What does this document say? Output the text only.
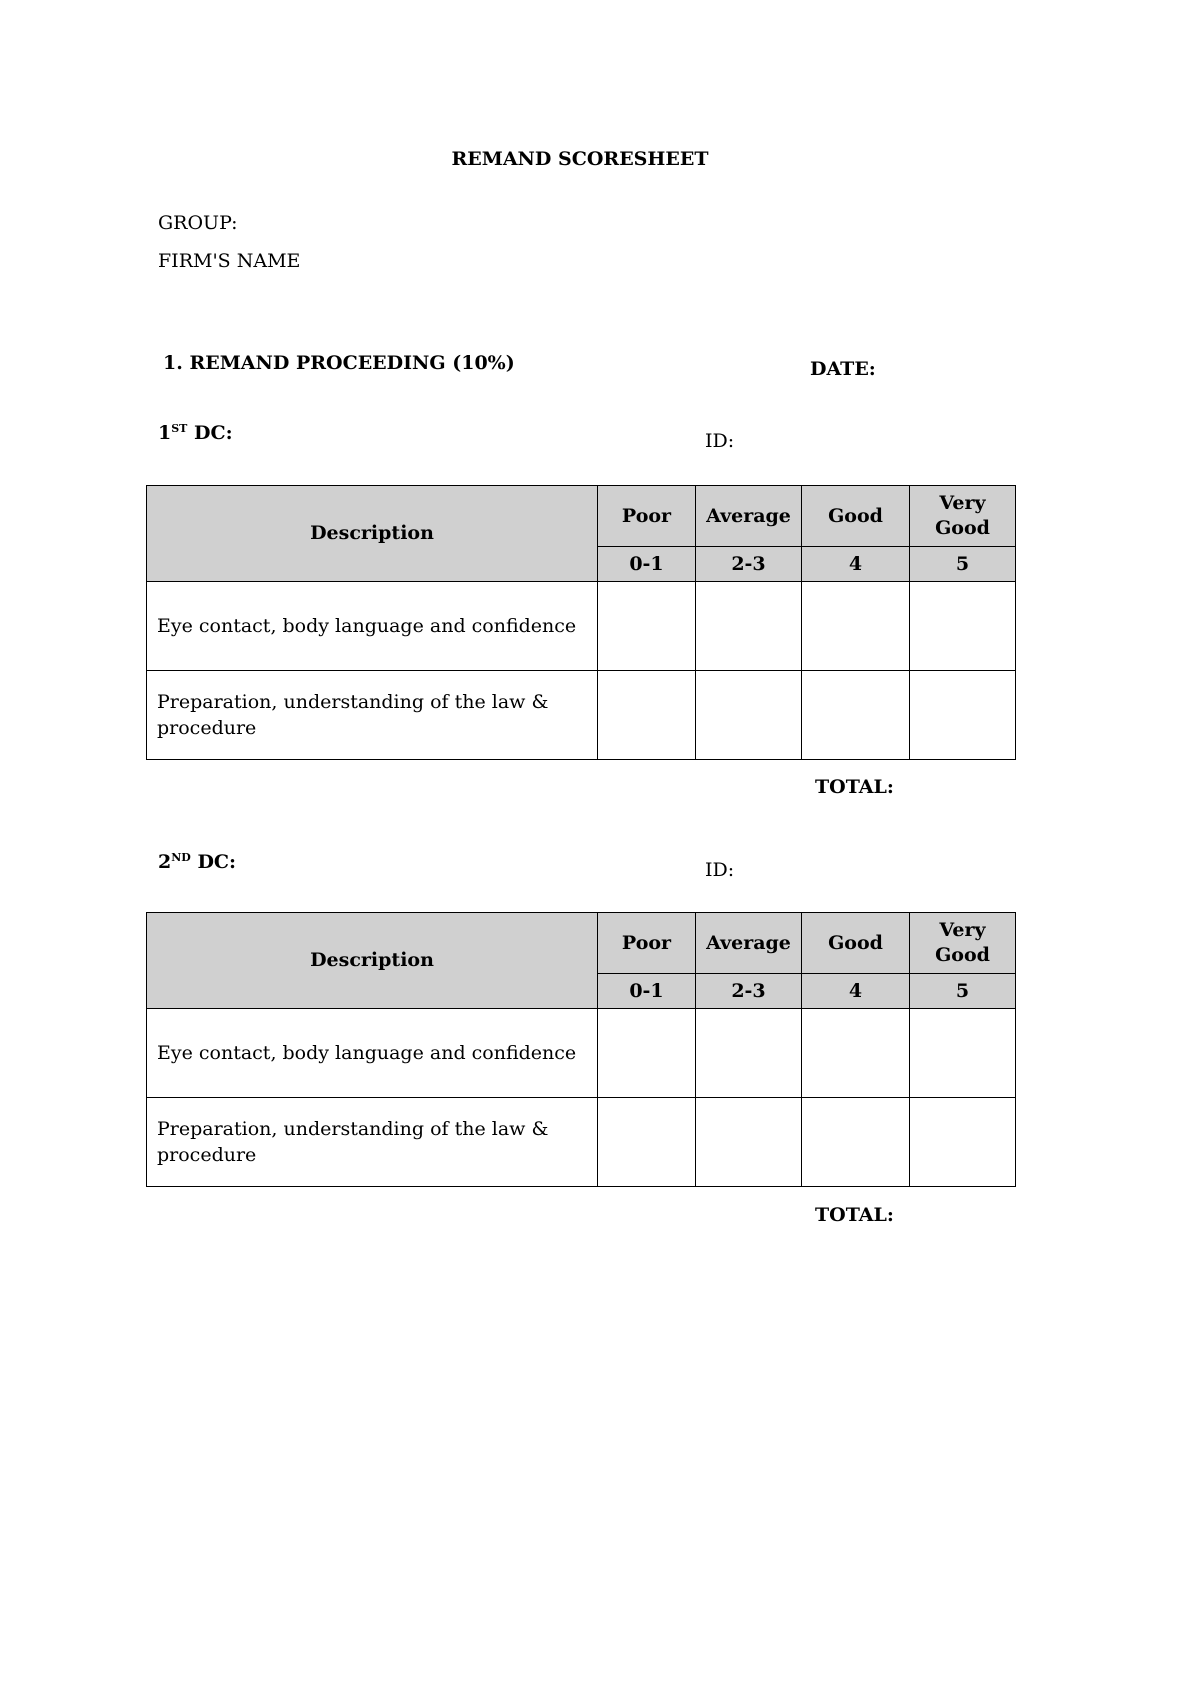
REMAND SCORESHEET
GROUP:
FIRM'S NAME
1. REMAND PROCEEDING (10%)	DATE:
1ST DC:	ID:
Description	Poor	Average	Good	Very Good
	0-1	2-3	4	5
Eye contact, body language and confidence				
Preparation, understanding of the law & procedure				
TOTAL:
2ND DC:	ID:
Description	Poor	Average	Good	Very Good
	0-1	2-3	4	5
Eye contact, body language and confidence				
Preparation, understanding of the law & procedure				
TOTAL:
